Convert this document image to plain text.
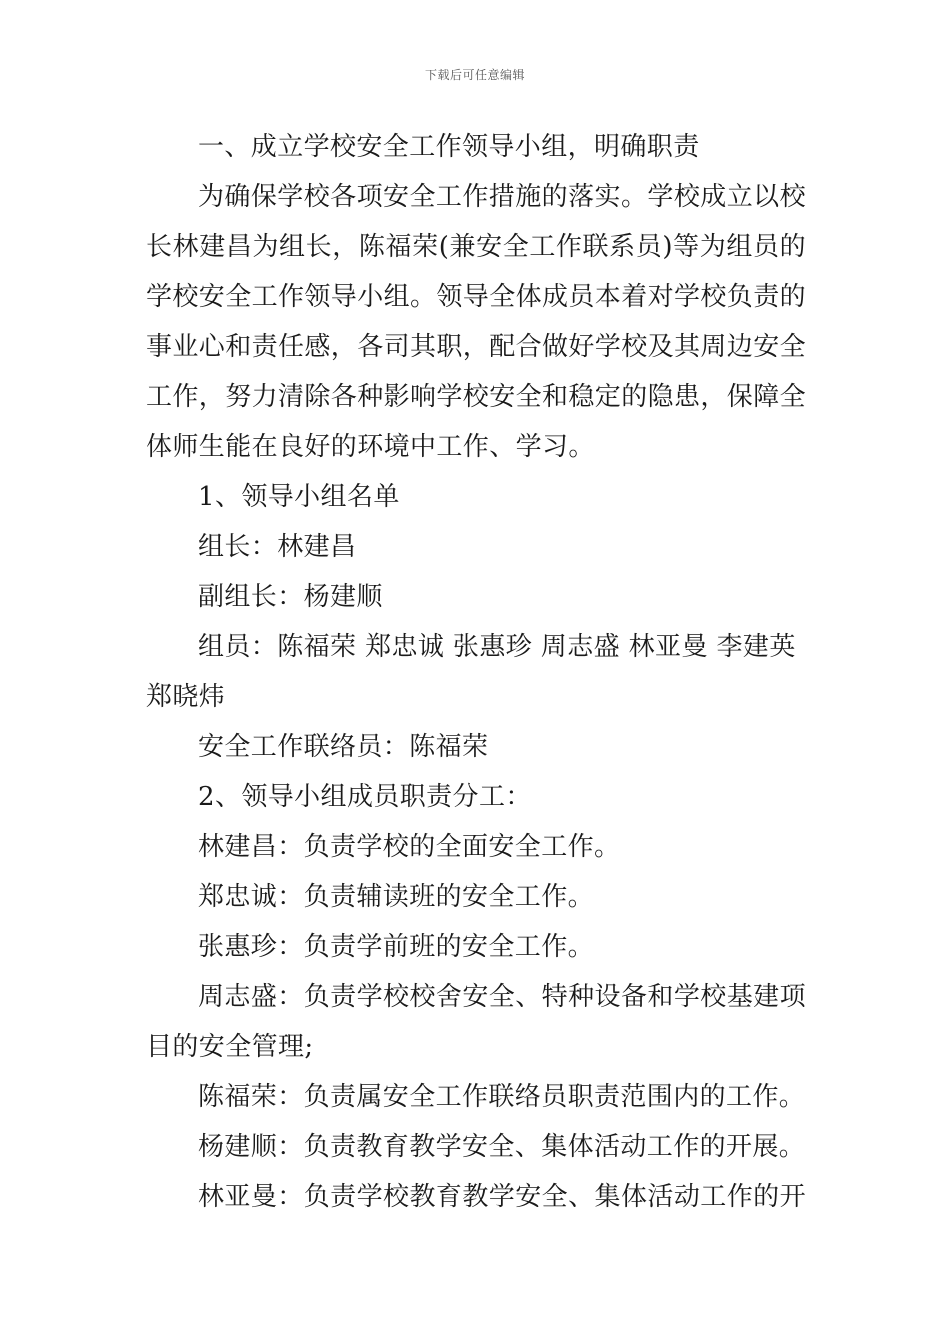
下载后可任意编辑
一、成立学校安全工作领导小组，明确职责
为确保学校各项安全工作措施的落实。学校成立以校
长林建昌为组长，陈福荣(兼安全工作联系员)等为组员的
学校安全工作领导小组。领导全体成员本着对学校负责的
事业心和责任感，各司其职，配合做好学校及其周边安全
工作，努力清除各种影响学校安全和稳定的隐患，保障全
体师生能在良好的环境中工作、学习。
1、领导小组名单
组长：林建昌
副组长：杨建顺
组员：陈福荣 郑忠诚 张惠珍 周志盛 林亚曼 李建英
郑晓炜
安全工作联络员：陈福荣
2、领导小组成员职责分工：
林建昌：负责学校的全面安全工作。
郑忠诚：负责辅读班的安全工作。
张惠珍：负责学前班的安全工作。
周志盛：负责学校校舍安全、特种设备和学校基建项
目的安全管理;
陈福荣：负责属安全工作联络员职责范围内的工作。
杨建顺：负责教育教学安全、集体活动工作的开展。
林亚曼：负责学校教育教学安全、集体活动工作的开
